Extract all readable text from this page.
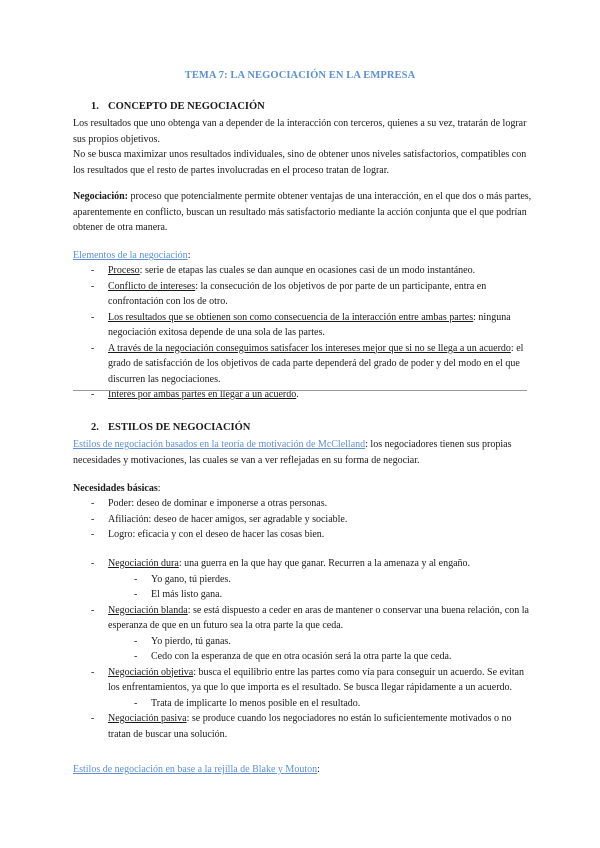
TEMA 7: LA NEGOCIACIÓN EN LA EMPRESA
1. CONCEPTO DE NEGOCIACIÓN
Los resultados que uno obtenga van a depender de la interacción con terceros, quienes a su vez, tratarán de lograr sus propios objetivos.
No se busca maximizar unos resultados individuales, sino de obtener unos niveles satisfactorios, compatibles con los resultados que el resto de partes involucradas en el proceso tratan de lograr.
Negociación: proceso que potencialmente permite obtener ventajas de una interacción, en el que dos o más partes, aparentemente en conflicto, buscan un resultado más satisfactorio mediante la acción conjunta que el que podrían obtener de otra manera.
Elementos de la negociación:
- Proceso: serie de etapas las cuales se dan aunque en ocasiones casi de un modo instantáneo.
- Conflicto de intereses: la consecución de los objetivos de por parte de un participante, entra en confrontación con los de otro.
- Los resultados que se obtienen son como consecuencia de la interacción entre ambas partes: ninguna negociación exitosa depende de una sola de las partes.
- A través de la negociación conseguimos satisfacer los intereses mejor que si no se llega a un acuerdo: el grado de satisfacción de los objetivos de cada parte dependerá del grado de poder y del modo en el que discurren las negociaciones.
- Interés por ambas partes en llegar a un acuerdo.
2. ESTILOS DE NEGOCIACIÓN
Estilos de negociación basados en la teoría de motivación de McClelland: los negociadores tienen sus propias necesidades y motivaciones, las cuales se van a ver reflejadas en su forma de negociar.
Necesidades básicas:
- Poder: deseo de dominar e imponerse a otras personas.
- Afiliación: deseo de hacer amigos, ser agradable y sociable.
- Logro: eficacia y con el deseo de hacer las cosas bien.
- Negociación dura: una guerra en la que hay que ganar. Recurren a la amenaza y al engaño.
- Yo gano, tú pierdes.
- El más listo gana.
- Negociación blanda: se está dispuesto a ceder en aras de mantener o conservar una buena relación, con la esperanza de que en un futuro sea la otra parte la que ceda.
- Yo pierdo, tú ganas.
- Cedo con la esperanza de que en otra ocasión será la otra parte la que ceda.
- Negociación objetiva: busca el equilibrio entre las partes como vía para conseguir un acuerdo. Se evitan los enfrentamientos, ya que lo que importa es el resultado. Se busca llegar rápidamente a un acuerdo.
- Trata de implicarte lo menos posible en el resultado.
- Negociación pasiva: se produce cuando los negociadores no están lo suficientemente motivados o no tratan de buscar una solución.
Estilos de negociación en base a la rejilla de Blake y Mouton:
